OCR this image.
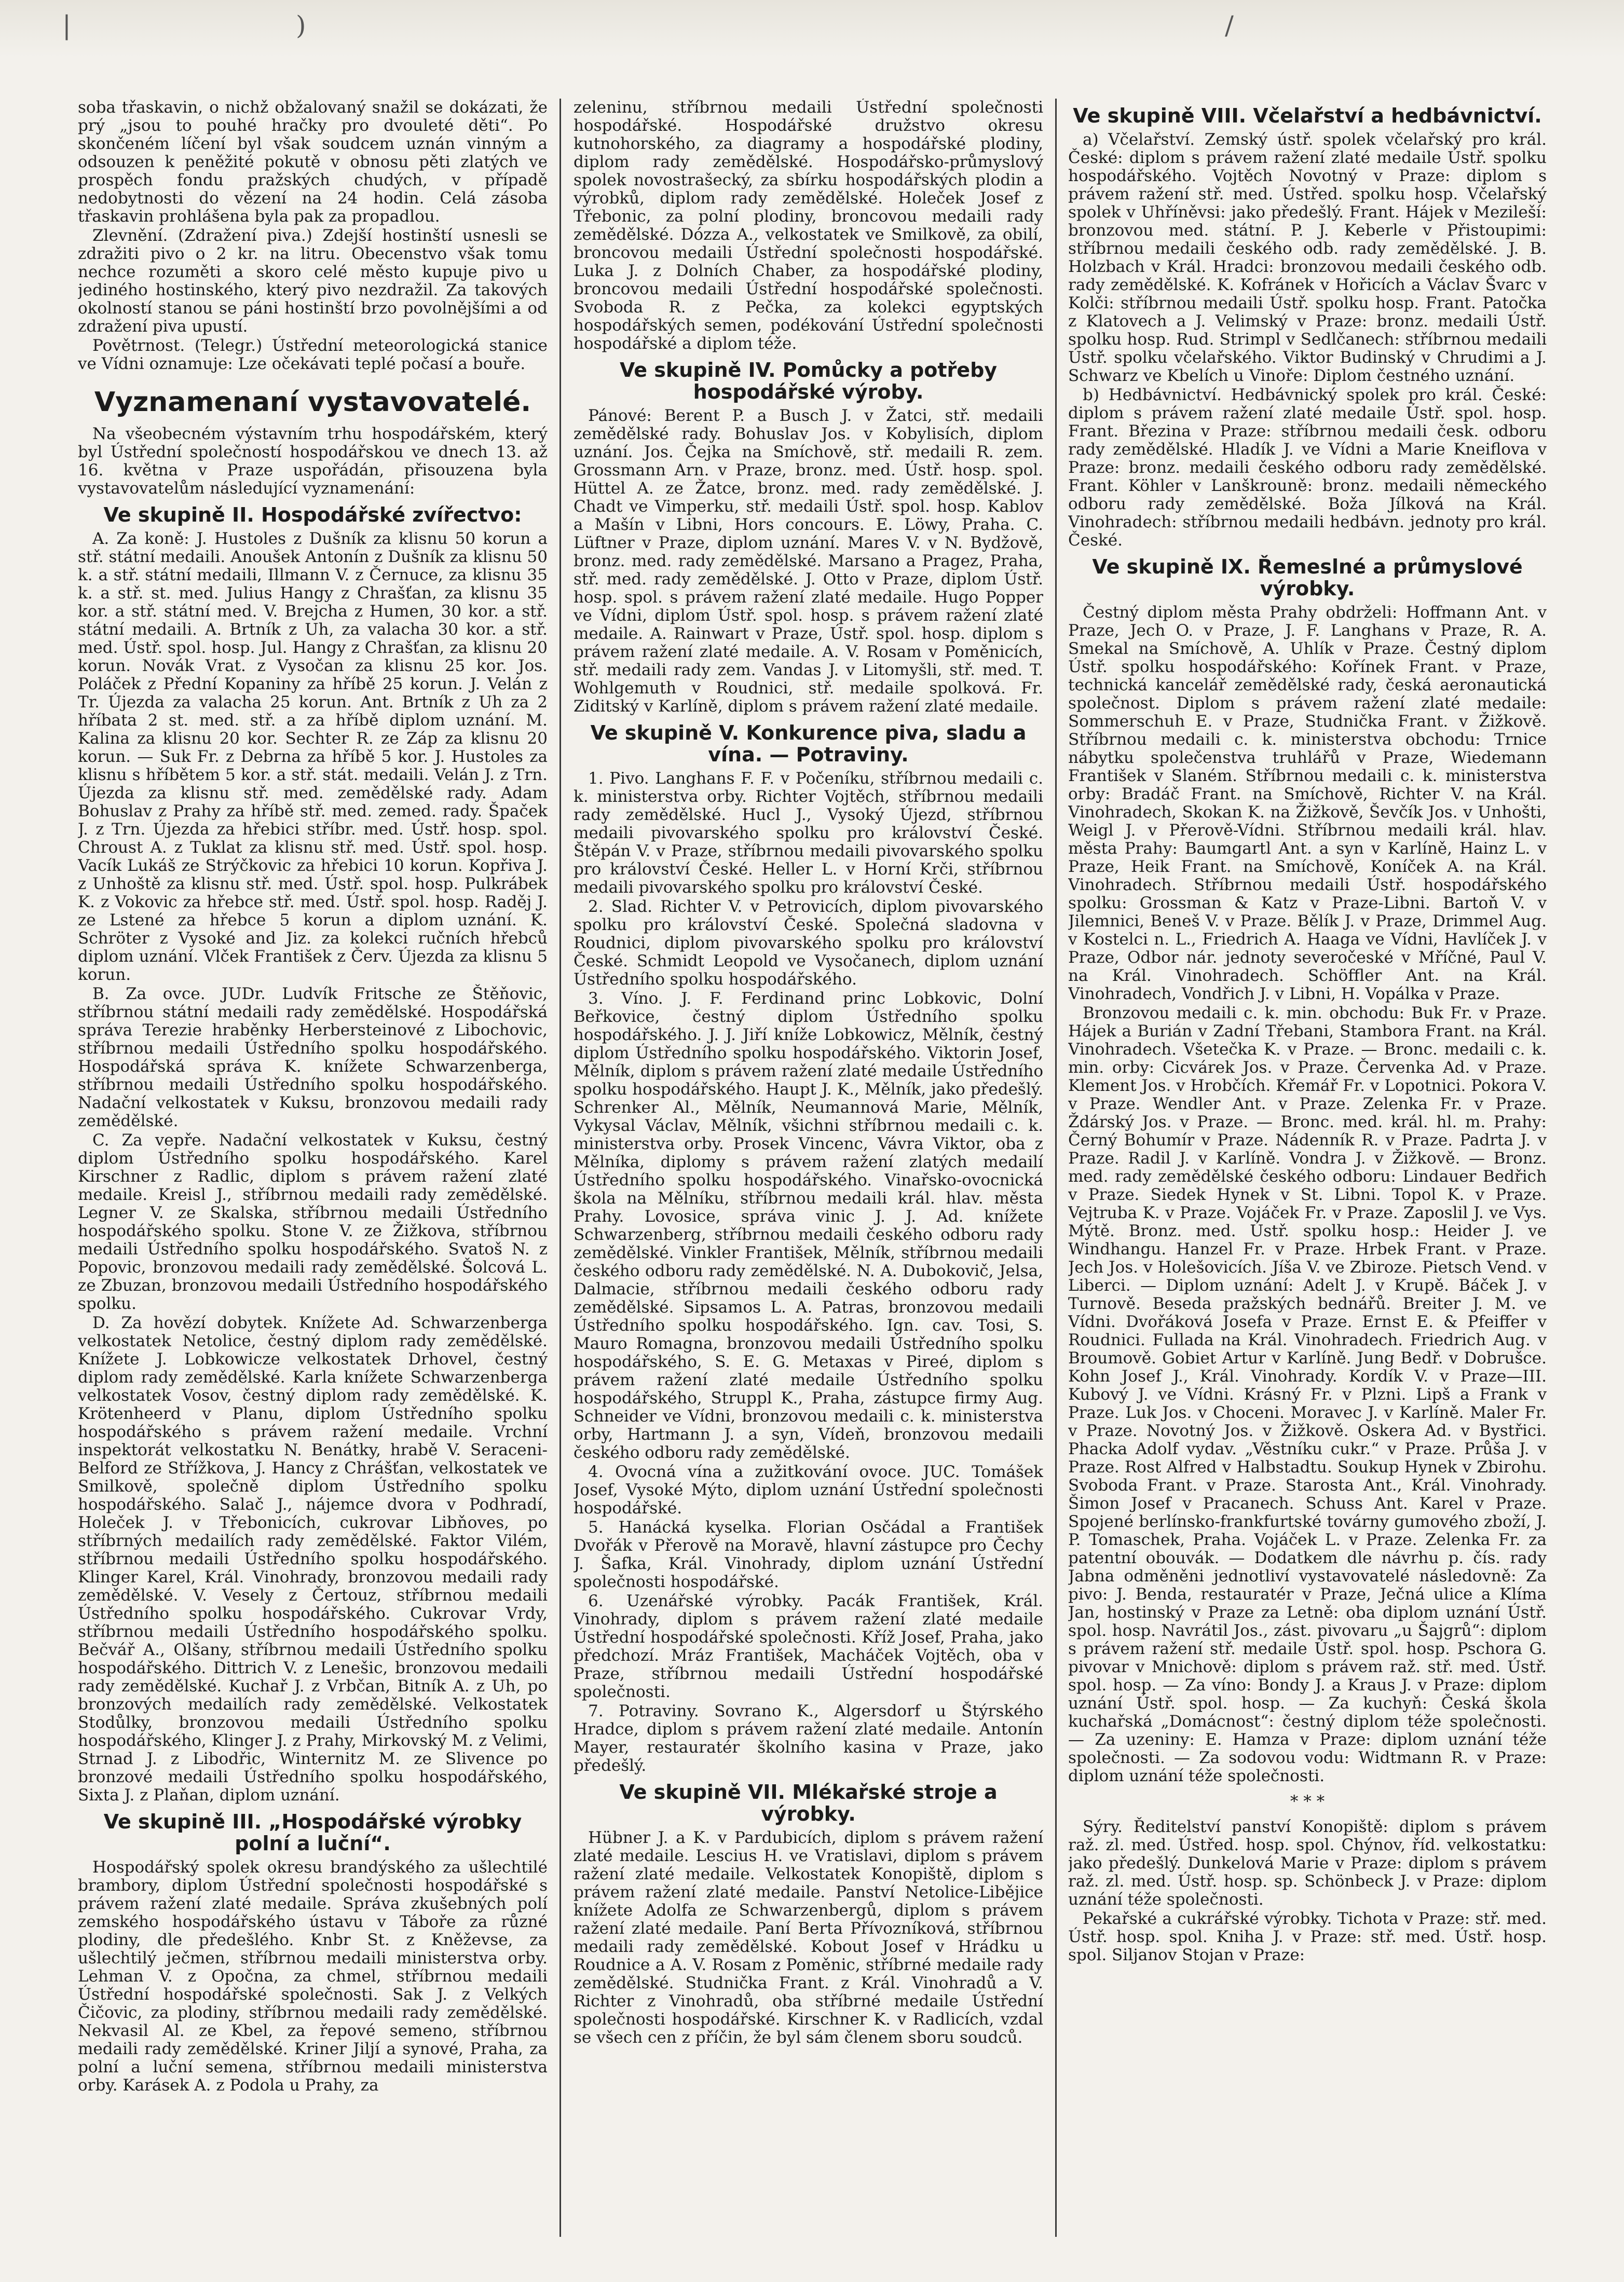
|	)	/

soba třaskavin, o nichž obžalovaný snažil se dokázati, že prý „jsou to pouhé hračky pro dvouleté děti“. Po skončeném líčení byl však soudcem uznán vinným a odsouzen k peněžité pokutě v obnosu pěti zlatých ve prospěch fondu pražských chudých, v případě nedobytnosti do vězení na 24 hodin. Celá zásoba třaskavin prohlášena byla pak za propadlou.

Zlevnění. (Zdražení piva.) Zdejší hostinští usnesli se zdražiti pivo o 2 kr. na litru. Obecenstvo však tomu nechce rozuměti a skoro celé město kupuje pivo u jediného hostinského, který pivo nezdražil. Za takových okolností stanou se páni hostinští brzo povolnějšími a od zdražení piva upustí.

Povětrnost. (Telegr.) Ústřední meteorologická stanice ve Vídni oznamuje: Lze očekávati teplé počasí a bouře.

Vyznamenaní vystavovatelé.

Na všeobecném výstavním trhu hospodářském, který byl Ústřední společností hospodářskou ve dnech 13. až 16. května v Praze uspořádán, přisouzena byla vystavovatelům následující vyznamenání:

Ve skupině II. Hospodářské zvířectvo:

A. Za koně: J. Hustoles z Dušník za klisnu 50 korun a stř. státní medaili. Anoušek Antonín z Dušník za klisnu 50 k. a stř. státní medaili, Illmann V. z Černuce, za klisnu 35 k. a stř. st. med. Julius Hangy z Chrašťan, za klisnu 35 kor. a stř. státní med. V. Brejcha z Humen, 30 kor. a stř. státní medaili. A. Brtník z Uh, za valacha 30 kor. a stř. med. Ústř. spol. hosp. Jul. Hangy z Chrašťan, za klisnu 20 korun. Novák Vrat. z Vysočan za klisnu 25 kor. Jos. Poláček z Přední Kopaniny za hříbě 25 korun. J. Velán z Tr. Újezda za valacha 25 korun. Ant. Brtník z Uh za 2 hříbata 2 st. med. stř. a za hříbě diplom uznání. M. Kalina za klisnu 20 kor. Sechter R. ze Záp za klisnu 20 korun. — Suk Fr. z Debrna za hříbě 5 kor. J. Hustoles za klisnu s hříbětem 5 kor. a stř. stát. medaili. Velán J. z Trn. Újezda za klisnu stř. med. zemědělské rady. Adam Bohuslav z Prahy za hříbě stř. med. zemed. rady. Špaček J. z Trn. Újezda za hřebici stříbr. med. Ústř. hosp. spol. Chroust A. z Tuklat za klisnu stř. med. Ústř. spol. hosp. Vacík Lukáš ze Strýčkovic za hřebici 10 korun. Kopřiva J. z Unhoště za klisnu stř. med. Ústř. spol. hosp. Pulkrábek K. z Vokovic za hřebce stř. med. Ústř. spol. hosp. Raděj J. ze Lstené za hřebce 5 korun a diplom uznání. K. Schröter z Vysoké and Jiz. za kolekci ručních hřebců diplom uznání. Vlček František z Červ. Újezda za klisnu 5 korun.

B. Za ovce. JUDr. Ludvík Fritsche ze Štěňovic, stříbrnou státní medaili rady zemědělské. Hospodářská správa Terezie hraběnky Herbersteinové z Libochovic, stříbrnou medaili Ústředního spolku hospodářského. Hospodářská správa K. knížete Schwarzenberga, stříbrnou medaili Ústředního spolku hospodářského. Nadační velkostatek v Kuksu, bronzovou medaili rady zemědělské.

C. Za vepře. Nadační velkostatek v Kuksu, čestný diplom Ústředního spolku hospodářského. Karel Kirschner z Radlic, diplom s právem ražení zlaté medaile. Kreisl J., stříbrnou medaili rady zemědělské. Legner V. ze Skalska, stříbrnou medaili Ústředního hospodářského spolku. Stone V. ze Žižkova, stříbrnou medaili Ústředního spolku hospodářského. Svatoš N. z Popovic, bronzovou medaili rady zemědělské. Šolcová L. ze Zbuzan, bronzovou medaili Ústředního hospodářského spolku.

D. Za hovězí dobytek. Knížete Ad. Schwarzenberga velkostatek Netolice, čestný diplom rady zemědělské. Knížete J. Lobkowicze velkostatek Drhovel, čestný diplom rady zemědělské. Karla knížete Schwarzenberga velkostatek Vosov, čestný diplom rady zemědělské. K. Krötenheerd v Planu, diplom Ústředního spolku hospodářského s právem ražení medaile. Vrchní inspektorát velkostatku N. Benátky, hrabě V. Seraceni-Belford ze Střížkova, J. Hancy z Chrášťan, velkostatek ve Smilkově, společně diplom Ústředního spolku hospodářského. Salač J., nájemce dvora v Podhradí, Holeček J. v Třebonicích, cukrovar Libňoves, po stříbrných medailích rady zemědělské. Faktor Vilém, stříbrnou medaili Ústředního spolku hospodářského. Klinger Karel, Král. Vinohrady, bronzovou medaili rady zemědělské. V. Vesely z Čertouz, stříbrnou medaili Ústředního spolku hospodářského. Cukrovar Vrdy, stříbrnou medaili Ústředního hospodářského spolku. Bečvář A., Olšany, stříbrnou medaili Ústředního spolku hospodářského. Dittrich V. z Lenešic, bronzovou medaili rady zemědělské. Kuchař J. z Vrbčan, Bitník A. z Uh, po bronzových medailích rady zemědělské. Velkostatek Stodůlky, bronzovou medaili Ústředního spolku hospodářského, Klinger J. z Prahy, Mirkovský M. z Velimi, Strnad J. z Libodřic, Winternitz M. ze Slivence po bronzové medaili Ústředního spolku hospodářského, Sixta J. z Plaňan, diplom uznání.

Ve skupině III. „Hospodářské výrobky polní a luční“.

Hospodářský spolek okresu brandýského za ušlechtilé brambory, diplom Ústřední společnosti hospodářské s právem ražení zlaté medaile. Správa zkušebných polí zemského hospodářského ústavu v Táboře za různé plodiny, dle předešlého. Knbr St. z Kněževse, za ušlechtilý ječmen, stříbrnou medaili ministerstva orby. Lehman V. z Opočna, za chmel, stříbrnou medaili Ústřední hospodářské společnosti. Sak J. z Velkých Čičovic, za plodiny, stříbrnou medaili rady zemědělské. Nekvasil Al. ze Kbel, za řepové semeno, stříbrnou medaili rady zemědělské. Kriner Jiljí a synové, Praha, za polní a luční semena, stříbrnou medaili ministerstva orby. Karásek A. z Podola u Prahy, za

zeleninu, stříbrnou medaili Ústřední společnosti hospodářské. Hospodářské družstvo okresu kutnohorského, za diagramy a hospodářské plodiny, diplom rady zemědělské. Hospodářsko-průmyslový spolek novostrašecký, za sbírku hospodářských plodin a výrobků, diplom rady zemědělské. Holeček Josef z Třebonic, za polní plodiny, broncovou medaili rady zemědělské. Dózza A., velkostatek ve Smilkově, za obilí, broncovou medaili Ústřední společnosti hospodářské. Luka J. z Dolních Chaber, za hospodářské plodiny, broncovou medaili Ústřední hospodářské společnosti. Svoboda R. z Pečka, za kolekci egyptských hospodářských semen, podékování Ústřední společnosti hospodářské a diplom téže.

Ve skupině IV. Pomůcky a potřeby hospodářské výroby.

Pánové: Berent P. a Busch J. v Žatci, stř. medaili zemědělské rady. Bohuslav Jos. v Kobylisích, diplom uznání. Jos. Čejka na Smíchově, stř. medaili R. zem. Grossmann Arn. v Praze, bronz. med. Ústř. hosp. spol. Hüttel A. ze Žatce, bronz. med. rady zemědělské. J. Chadt ve Vimperku, stř. medaili Ústř. spol. hosp. Kablov a Mašín v Libni, Hors concours. E. Löwy, Praha. C. Lüftner v Praze, diplom uznání. Mares V. v N. Bydžově, bronz. med. rady zemědělské. Marsano a Pragez, Praha, stř. med. rady zemědělské. J. Otto v Praze, diplom Ústř. hosp. spol. s právem ražení zlaté medaile. Hugo Popper ve Vídni, diplom Ústř. spol. hosp. s právem ražení zlaté medaile. A. Rainwart v Praze, Ústř. spol. hosp. diplom s právem ražení zlaté medaile. A. V. Rosam v Poměnicích, stř. medaili rady zem. Vandas J. v Litomyšli, stř. med. T. Wohlgemuth v Roudnici, stř. medaile spolková. Fr. Ziditský v Karlíně, diplom s právem ražení zlaté medaile.

Ve skupině V. Konkurence piva, sladu a vína. — Potraviny.

1. Pivo. Langhans F. F. v Počeníku, stříbrnou medaili c. k. ministerstva orby. Richter Vojtěch, stříbrnou medaili rady zemědělské. Hucl J., Vysoký Újezd, stříbrnou medaili pivovarského spolku pro království České. Štěpán V. v Praze, stříbrnou medaili pivovarského spolku pro království České. Heller L. v Horní Krči, stříbrnou medaili pivovarského spolku pro království České.

2. Slad. Richter V. v Petrovicích, diplom pivovarského spolku pro království České. Společná sladovna v Roudnici, diplom pivovarského spolku pro království České. Schmidt Leopold ve Vysočanech, diplom uznání Ústředního spolku hospodářského.

3. Víno. J. F. Ferdinand princ Lobkovic, Dolní Beřkovice, čestný diplom Ústředního spolku hospodářského. J. J. Jiří kníže Lobkowicz, Mělník, čestný diplom Ústředního spolku hospodářského. Viktorin Josef, Mělník, diplom s právem ražení zlaté medaile Ústředního spolku hospodářského. Haupt J. K., Mělník, jako předešlý. Schrenker Al., Mělník, Neumannová Marie, Mělník, Vykysal Václav, Mělník, všichni stříbrnou medaili c. k. ministerstva orby. Prosek Vincenc, Vávra Viktor, oba z Mělníka, diplomy s právem ražení zlatých medailí Ústředního spolku hospodářského. Vinařsko-ovocnická škola na Mělníku, stříbrnou medaili král. hlav. města Prahy. Lovosice, správa vinic J. J. Ad. knížete Schwarzenberg, stříbrnou medaili českého odboru rady zemědělské. Vinkler František, Mělník, stříbrnou medaili českého odboru rady zemědělské. N. A. Dubokovič, Jelsa, Dalmacie, stříbrnou medaili českého odboru rady zemědělské. Sipsamos L. A. Patras, bronzovou medaili Ústředního spolku hospodářského. Ign. cav. Tosi, S. Mauro Romagna, bronzovou medaili Ústředního spolku hospodářského, S. E. G. Metaxas v Pireé, diplom s právem ražení zlaté medaile Ústředního spolku hospodářského, Struppl K., Praha, zástupce firmy Aug. Schneider ve Vídni, bronzovou medaili c. k. ministerstva orby, Hartmann J. a syn, Vídeň, bronzovou medaili českého odboru rady zemědělské.

4. Ovocná vína a zužitkování ovoce. JUC. Tomášek Josef, Vysoké Mýto, diplom uznání Ústřední společnosti hospodářské.

5. Hanácká kyselka. Florian Osčádal a František Dvořák v Přerově na Moravě, hlavní zástupce pro Čechy J. Šafka, Král. Vinohrady, diplom uznání Ústřední společnosti hospodářské.

6. Uzenářské výrobky. Pacák František, Král. Vinohrady, diplom s právem ražení zlaté medaile Ústřední hospodářské společnosti. Kříž Josef, Praha, jako předchozí. Mráz František, Macháček Vojtěch, oba v Praze, stříbrnou medaili Ústřední hospodářské společnosti.

7. Potraviny. Sovrano K., Algersdorf u Štýrského Hradce, diplom s právem ražení zlaté medaile. Antonín Mayer, restauratér školního kasina v Praze, jako předešlý.

Ve skupině VII. Mlékařské stroje a výrobky.

Hübner J. a K. v Pardubicích, diplom s právem ražení zlaté medaile. Lescius H. ve Vratislavi, diplom s právem ražení zlaté medaile. Velkostatek Konopiště, diplom s právem ražení zlaté medaile. Panství Netolice-Libějice knížete Adolfa ze Schwarzenbergů, diplom s právem ražení zlaté medaile. Paní Berta Přívozníková, stříbrnou medaili rady zemědělské. Kobout Josef v Hrádku u Roudnice a A. V. Rosam z Poměnic, stříbrné medaile rady zemědělské. Studnička Frant. z Král. Vinohradů a V. Richter z Vinohradů, oba stříbrné medaile Ústřední společnosti hospodářské. Kirschner K. v Radlicích, vzdal se všech cen z příčin, že byl sám členem sboru soudců.

Ve skupině VIII. Včelařství a hedbávnictví.

a) Včelařství. Zemský ústř. spolek včelařský pro král. České: diplom s právem ražení zlaté medaile Ústř. spolku hospodářského. Vojtěch Novotný v Praze: diplom s právem ražení stř. med. Ústřed. spolku hosp. Včelařský spolek v Uhříněvsi: jako předešlý. Frant. Hájek v Mezileší: bronzovou med. státní. P. J. Keberle v Přistoupimi: stříbrnou medaili českého odb. rady zemědělské. J. B. Holzbach v Král. Hradci: bronzovou medaili českého odb. rady zemědělské. K. Kofránek v Hořicích a Václav Švarc v Kolči: stříbrnou medaili Ústř. spolku hosp. Frant. Patočka z Klatovech a J. Velimský v Praze: bronz. medaili Ústř. spolku hosp. Rud. Strimpl v Sedlčanech: stříbrnou medaili Ústř. spolku včelařského. Viktor Budinský v Chrudimi a J. Schwarz ve Kbelích u Vinoře: Diplom čestného uznání.

b) Hedbávnictví. Hedbávnický spolek pro král. České: diplom s právem ražení zlaté medaile Ústř. spol. hosp. Frant. Březina v Praze: stříbrnou medaili česk. odboru rady zemědělské. Hladík J. ve Vídni a Marie Kneiflova v Praze: bronz. medaili českého odboru rady zemědělské. Frant. Köhler v Lanškrouně: bronz. medaili německého odboru rady zemědělské. Boža Jílková na Král. Vinohradech: stříbrnou medaili hedbávn. jednoty pro král. České.

Ve skupině IX. Řemeslné a průmyslové výrobky.

Čestný diplom města Prahy obdrželi: Hoffmann Ant. v Praze, Jech O. v Praze, J. F. Langhans v Praze, R. A. Smekal na Smíchově, A. Uhlík v Praze. Čestný diplom Ústř. spolku hospodářského: Kořínek Frant. v Praze, technická kancelář zemědělské rady, česká aeronautická společnost. Diplom s právem ražení zlaté medaile: Sommerschuh E. v Praze, Studnička Frant. v Žižkově. Stříbrnou medaili c. k. ministerstva obchodu: Trnice nábytku společenstva truhlářů v Praze, Wiedemann František v Slaném. Stříbrnou medaili c. k. ministerstva orby: Bradáč Frant. na Smíchově, Richter V. na Král. Vinohradech, Skokan K. na Žižkově, Ševčík Jos. v Unhošti, Weigl J. v Přerově-Vídni. Stříbrnou medaili král. hlav. města Prahy: Baumgartl Ant. a syn v Karlíně, Hainz L. v Praze, Heik Frant. na Smíchově, Koníček A. na Král. Vinohradech. Stříbrnou medaili Ústř. hospodářského spolku: Grossman & Katz v Praze-Libni. Bartoň V. v Jilemnici, Beneš V. v Praze. Bělík J. v Praze, Drimmel Aug. v Kostelci n. L., Friedrich A. Haaga ve Vídni, Havlíček J. v Praze, Odbor nár. jednoty severočeské v Mříčné, Paul V. na Král. Vinohradech. Schöffler Ant. na Král. Vinohradech, Vondřich J. v Libni, H. Vopálka v Praze.

Bronzovou medaili c. k. min. obchodu: Buk Fr. v Praze. Hájek a Burián v Zadní Třebani, Stambora Frant. na Král. Vinohradech. Všetečka K. v Praze. — Bronc. medaili c. k. min. orby: Cicvárek Jos. v Praze. Červenka Ad. v Praze. Klement Jos. v Hrobčích. Křemář Fr. v Lopotnici. Pokora V. v Praze. Wendler Ant. v Praze. Zelenka Fr. v Praze. Ždárský Jos. v Praze. — Bronc. med. král. hl. m. Prahy: Černý Bohumír v Praze. Nádenník R. v Praze. Padrta J. v Praze. Radil J. v Karlíně. Vondra J. v Žižkově. — Bronz. med. rady zemědělské českého odboru: Lindauer Bedřich v Praze. Siedek Hynek v St. Libni. Topol K. v Praze. Vejtruba K. v Praze. Vojáček Fr. v Praze. Zaposlil J. ve Vys. Mýtě. Bronz. med. Ústř. spolku hosp.: Heider J. ve Windhangu. Hanzel Fr. v Praze. Hrbek Frant. v Praze. Jech Jos. v Holešovicích. Jíša V. ve Zbiroze. Pietsch Vend. v Liberci. — Diplom uznání: Adelt J. v Krupě. Báček J. v Turnově. Beseda pražských bednářů. Breiter J. M. ve Vídni. Dvořáková Josefa v Praze. Ernst E. & Pfeiffer v Roudnici. Fullada na Král. Vinohradech. Friedrich Aug. v Broumově. Gobiet Artur v Karlíně. Jung Bedř. v Dobrušce. Kohn Josef J., Král. Vinohrady. Kordík V. v Praze—III. Kubový J. ve Vídni. Krásný Fr. v Plzni. Lipš a Frank v Praze. Luk Jos. v Choceni. Moravec J. v Karlíně. Maler Fr. v Praze. Novotný Jos. v Žižkově. Oskera Ad. v Bystřici. Phacka Adolf vydav. „Věstníku cukr.“ v Praze. Průša J. v Praze. Rost Alfred v Halbstadtu. Soukup Hynek v Zbirohu. Svoboda Frant. v Praze. Starosta Ant., Král. Vinohrady. Šimon Josef v Pracanech. Schuss Ant. Karel v Praze. Spojené berlínsko-frankfurtské továrny gumového zboží, J. P. Tomaschek, Praha. Vojáček L. v Praze. Zelenka Fr. za patentní obouvák. — Dodatkem dle návrhu p. čís. rady Jabna odměněni jednotliví vystavovatelé následovně: Za pivo: J. Benda, restauratér v Praze, Ječná ulice a Klíma Jan, hostinský v Praze za Letně: oba diplom uznání Ústř. spol. hosp. Navrátil Jos., zást. pivovaru „u Šajgrů“: diplom s právem ražení stř. medaile Ústř. spol. hosp. Pschora G. pivovar v Mnichově: diplom s právem raž. stř. med. Ústř. spol. hosp. — Za víno: Bondy J. a Kraus J. v Praze: diplom uznání Ústř. spol. hosp. — Za kuchyň: Česká škola kuchařská „Domácnost“: čestný diplom téže společnosti. — Za uzeniny: E. Hamza v Praze: diplom uznání téže společnosti. — Za sodovou vodu: Widtmann R. v Praze: diplom uznání téže společnosti.

* * *

Sýry. Ředitelství panství Konopiště: diplom s právem raž. zl. med. Ústřed. hosp. spol. Chýnov, říd. velkostatku: jako předešlý. Dunkelová Marie v Praze: diplom s právem raž. zl. med. Ústř. hosp. sp. Schönbeck J. v Praze: diplom uznání téže společnosti.

Pekařské a cukrářské výrobky. Tichota v Praze: stř. med. Ústř. hosp. spol. Kniha J. v Praze: stř. med. Ústř. hosp. spol. Siljanov Stojan v Praze:
